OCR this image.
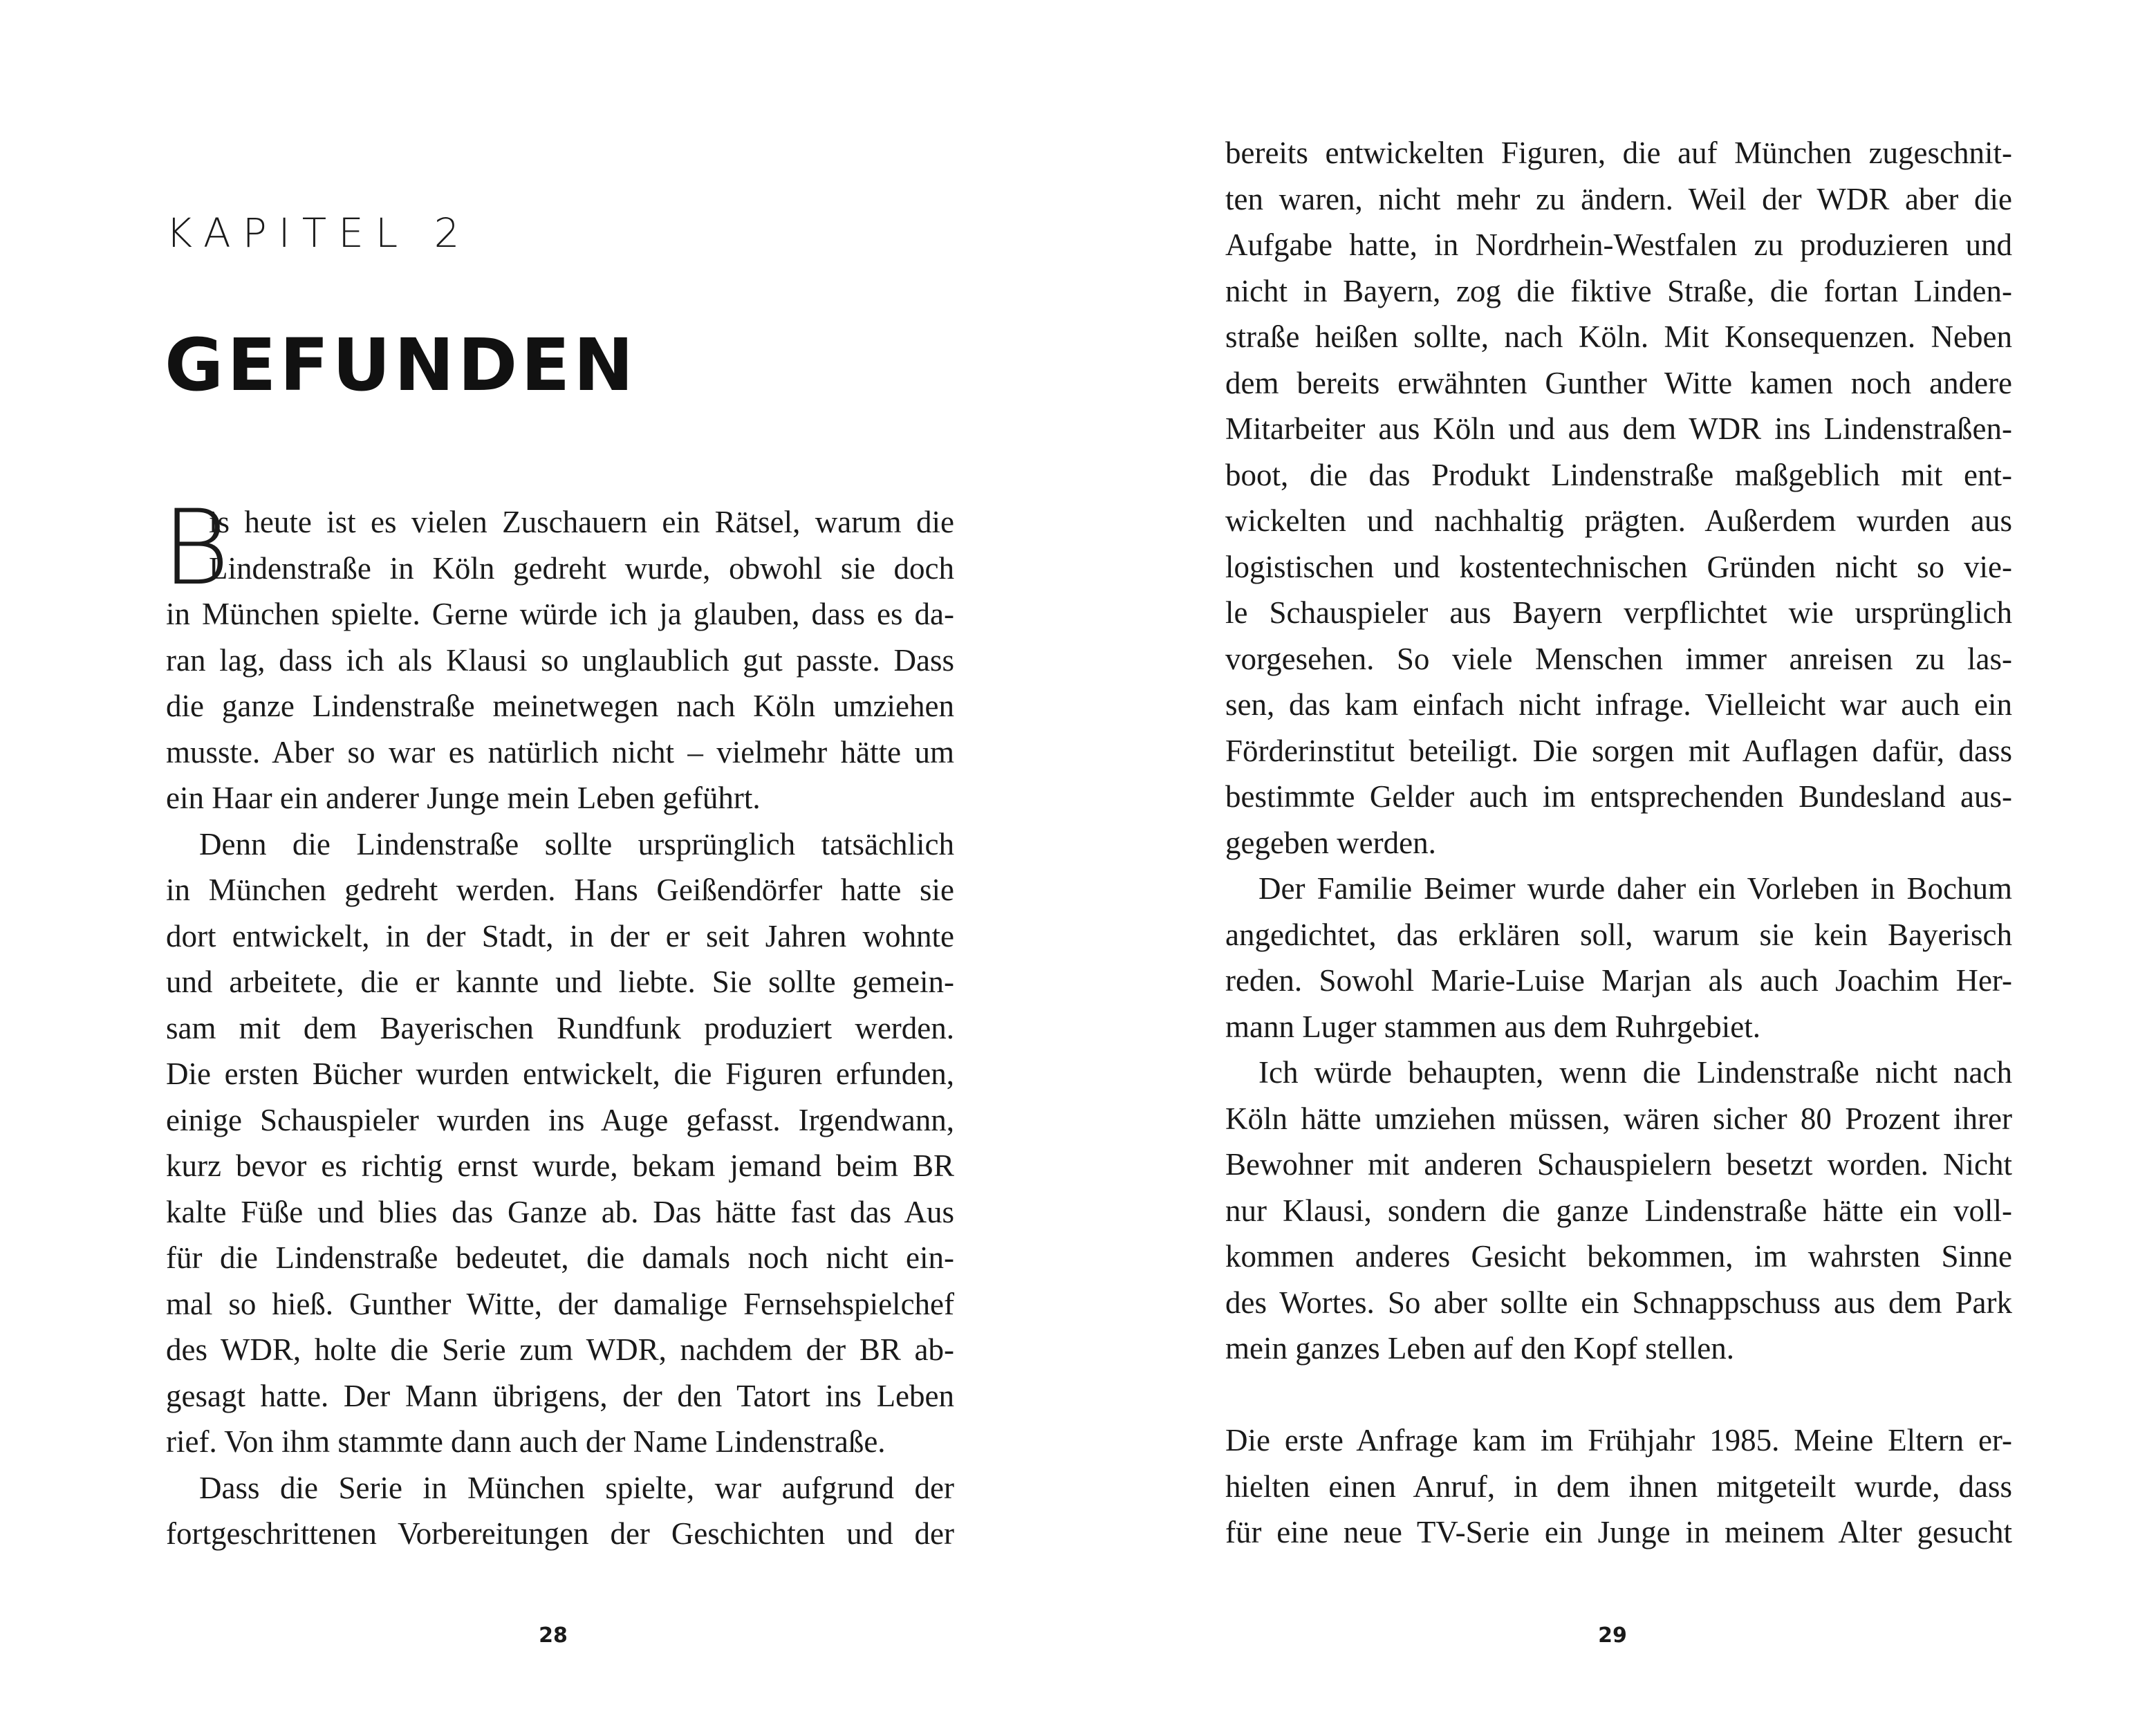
KAPITEL 2
GEFUNDEN
B
is heute ist es vielen Zuschauern ein Rätsel, warum die
Lindenstraße in Köln gedreht wurde, obwohl sie doch
in München spielte. Gerne würde ich ja glauben, dass es da-
ran lag, dass ich als Klausi so unglaublich gut passte. Dass
die ganze Lindenstraße meinetwegen nach Köln umziehen
musste. Aber so war es natürlich nicht – vielmehr hätte um
ein Haar ein anderer Junge mein Leben geführt.
Denn die Lindenstraße sollte ursprünglich tatsächlich
in München gedreht werden. Hans Geißendörfer hatte sie
dort entwickelt, in der Stadt, in der er seit Jahren wohnte
und arbeitete, die er kannte und liebte. Sie sollte gemein-
sam mit dem Bayerischen Rundfunk produziert werden.
Die ersten Bücher wurden entwickelt, die Figuren erfunden,
einige Schauspieler wurden ins Auge gefasst. Irgendwann,
kurz bevor es richtig ernst wurde, bekam jemand beim BR
kalte Füße und blies das Ganze ab. Das hätte fast das Aus
für die Lindenstraße bedeutet, die damals noch nicht ein-
mal so hieß. Gunther Witte, der damalige Fernsehspielchef
des WDR, holte die Serie zum WDR, nachdem der BR ab-
gesagt hatte. Der Mann übrigens, der den Tatort ins Leben
rief. Von ihm stammte dann auch der Name Lindenstraße.
Dass die Serie in München spielte, war aufgrund der
fortgeschrittenen Vorbereitungen der Geschichten und der
28
bereits entwickelten Figuren, die auf München zugeschnit-
ten waren, nicht mehr zu ändern. Weil der WDR aber die
Aufgabe hatte, in Nordrhein-Westfalen zu produzieren und
nicht in Bayern, zog die fiktive Straße, die fortan Linden-
straße heißen sollte, nach Köln. Mit Konsequenzen. Neben
dem bereits erwähnten Gunther Witte kamen noch andere
Mitarbeiter aus Köln und aus dem WDR ins Lindenstraßen-
boot, die das Produkt Lindenstraße maßgeblich mit ent-
wickelten und nachhaltig prägten. Außerdem wurden aus
logistischen und kostentechnischen Gründen nicht so vie-
le Schauspieler aus Bayern verpflichtet wie ursprünglich
vorgesehen. So viele Menschen immer anreisen zu las-
sen, das kam einfach nicht infrage. Vielleicht war auch ein
Förderinstitut beteiligt. Die sorgen mit Auflagen dafür, dass
bestimmte Gelder auch im entsprechenden Bundesland aus-
gegeben werden.
Der Familie Beimer wurde daher ein Vorleben in Bochum
angedichtet, das erklären soll, warum sie kein Bayerisch
reden. Sowohl Marie-Luise Marjan als auch Joachim Her-
mann Luger stammen aus dem Ruhrgebiet.
Ich würde behaupten, wenn die Lindenstraße nicht nach
Köln hätte umziehen müssen, wären sicher 80 Prozent ihrer
Bewohner mit anderen Schauspielern besetzt worden. Nicht
nur Klausi, sondern die ganze Lindenstraße hätte ein voll-
kommen anderes Gesicht bekommen, im wahrsten Sinne
des Wortes. So aber sollte ein Schnappschuss aus dem Park
mein ganzes Leben auf den Kopf stellen.
Die erste Anfrage kam im Frühjahr 1985. Meine Eltern er-
hielten einen Anruf, in dem ihnen mitgeteilt wurde, dass
für eine neue TV-Serie ein Junge in meinem Alter gesucht
29
